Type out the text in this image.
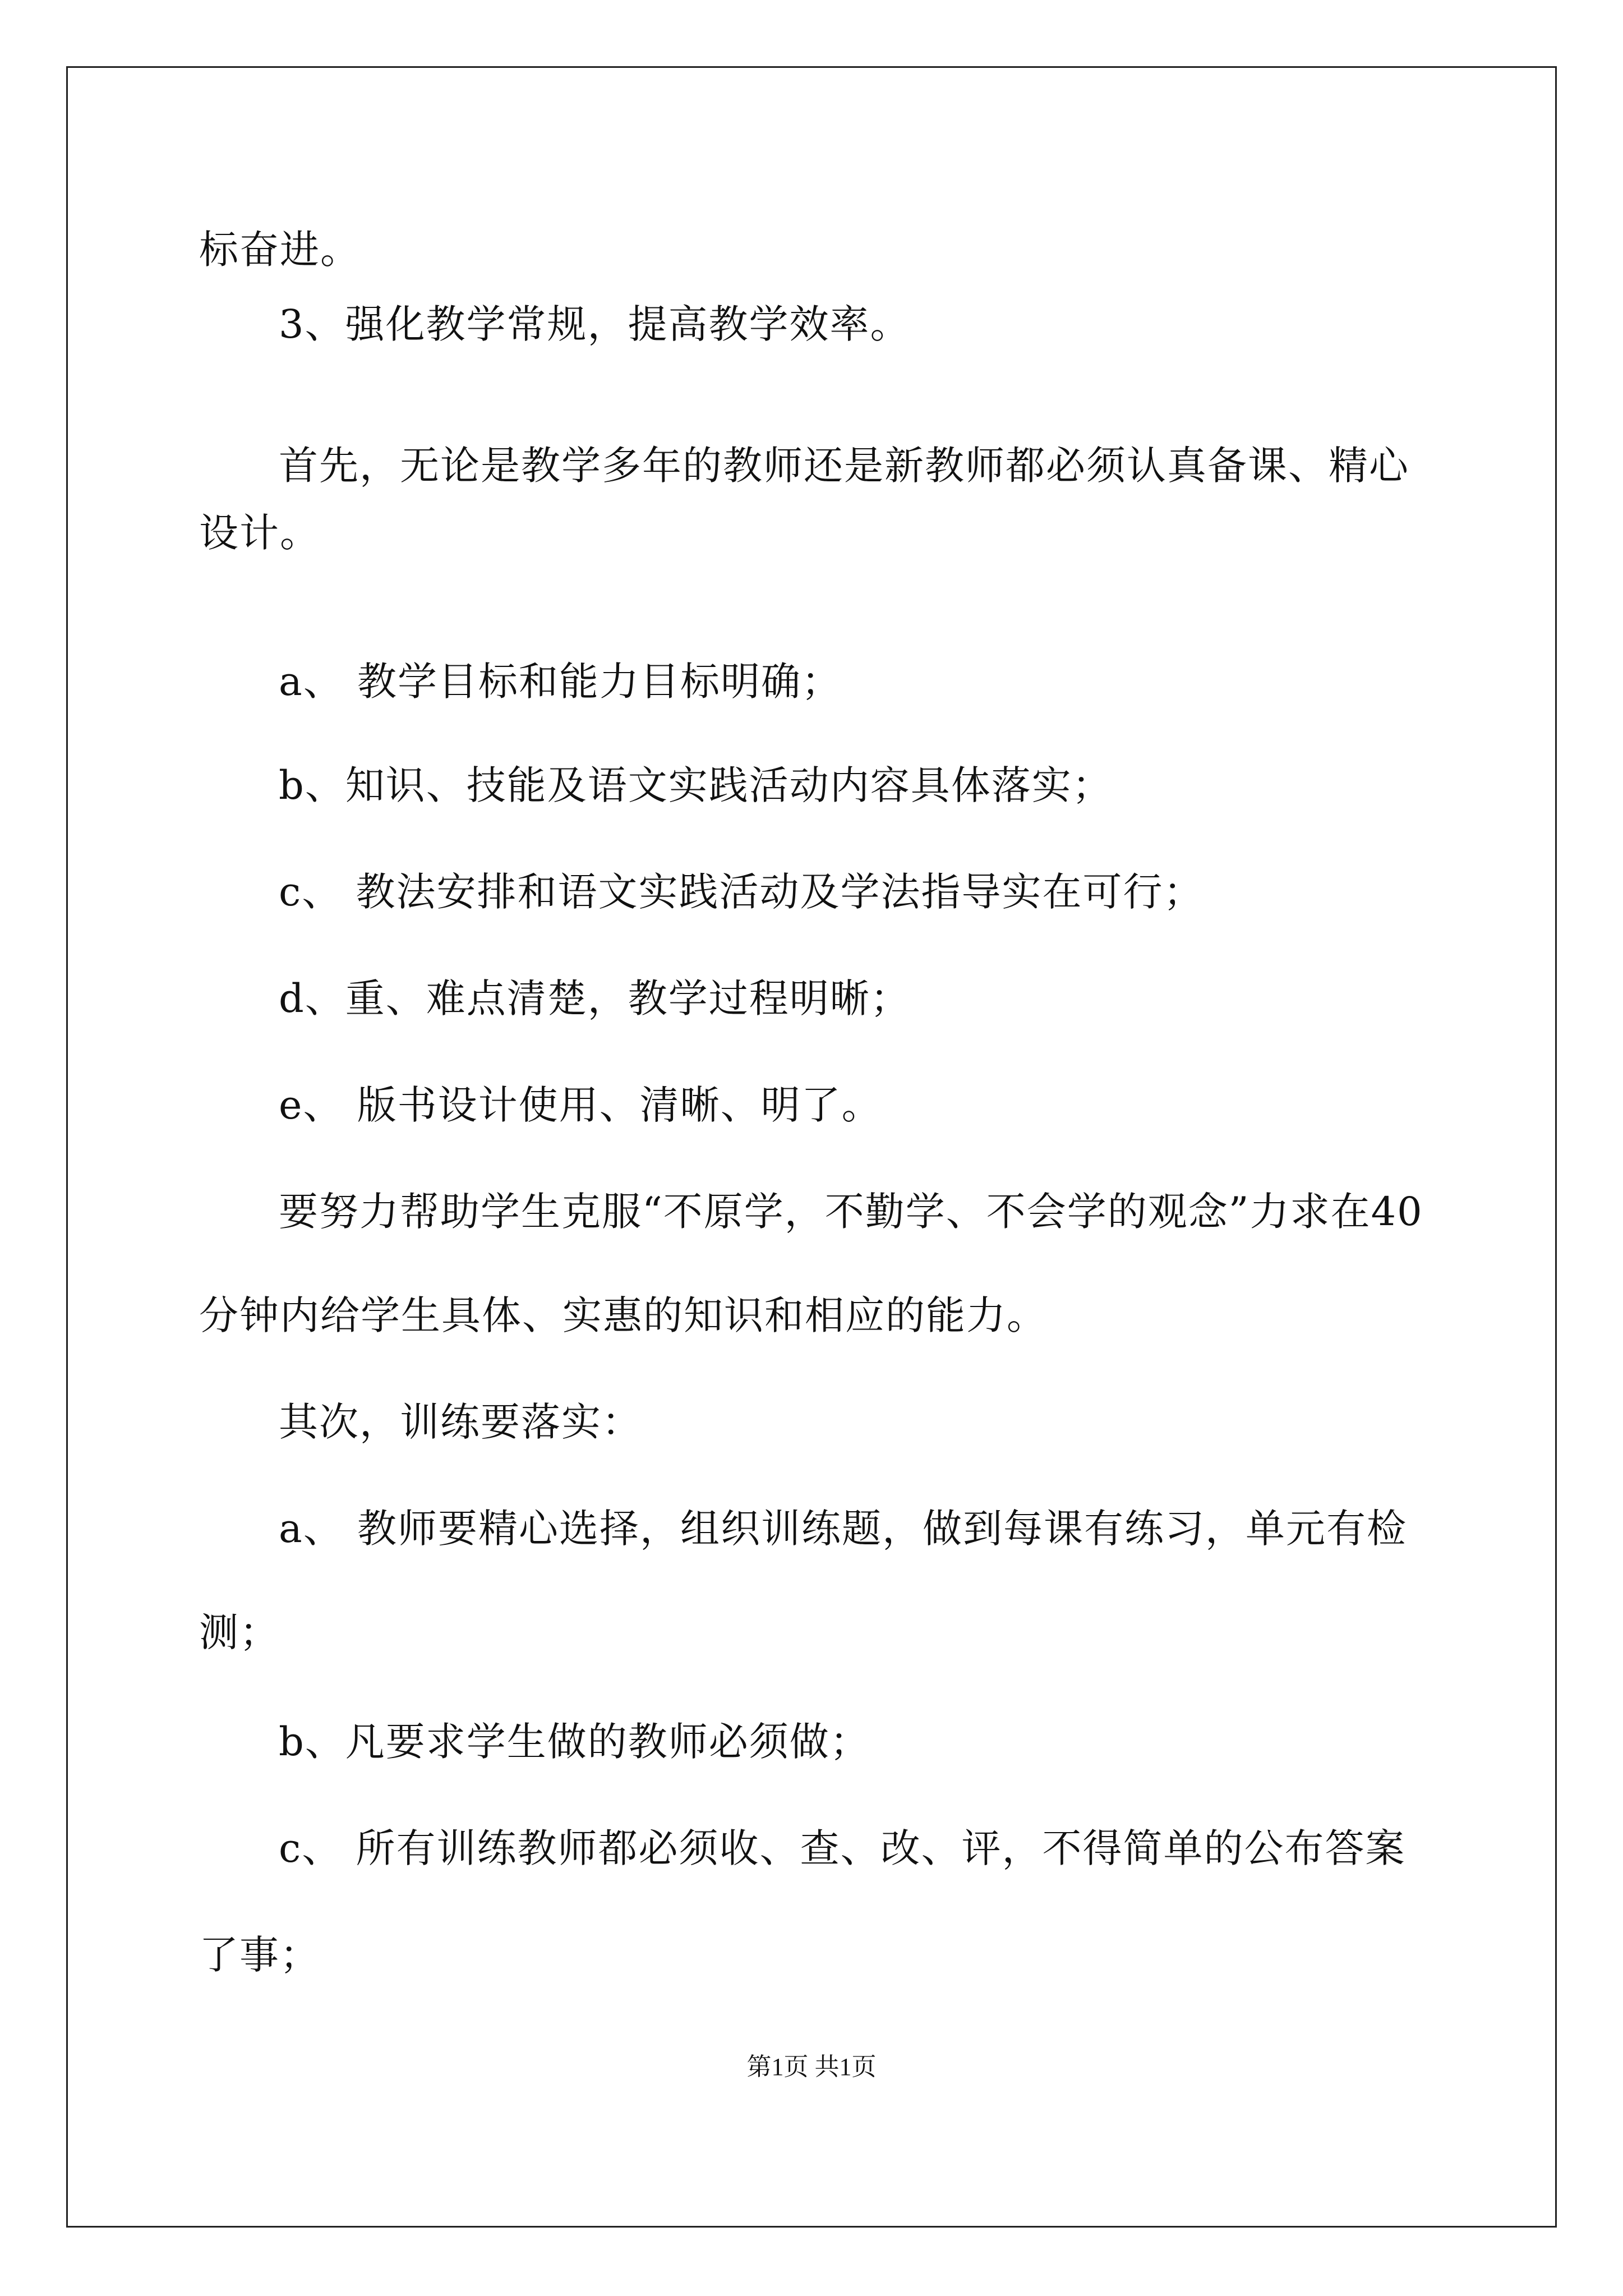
标奋进。
3、强化教学常规，提高教学效率。
首先，无论是教学多年的教师还是新教师都必须认真备课、精心
设计。
a、 教学目标和能力目标明确；
b、知识、技能及语文实践活动内容具体落实；
c、 教法安排和语文实践活动及学法指导实在可行；
d、重、难点清楚，教学过程明晰；
e、 版书设计使用、清晰、明了。
要努力帮助学生克服“不原学，不勤学、不会学的观念”力求在40
分钟内给学生具体、实惠的知识和相应的能力。
其次，训练要落实：
a、 教师要精心选择，组织训练题，做到每课有练习，单元有检
测；
b、凡要求学生做的教师必须做；
c、 所有训练教师都必须收、查、改、评，不得简单的公布答案
了事；
第1页 共1页
